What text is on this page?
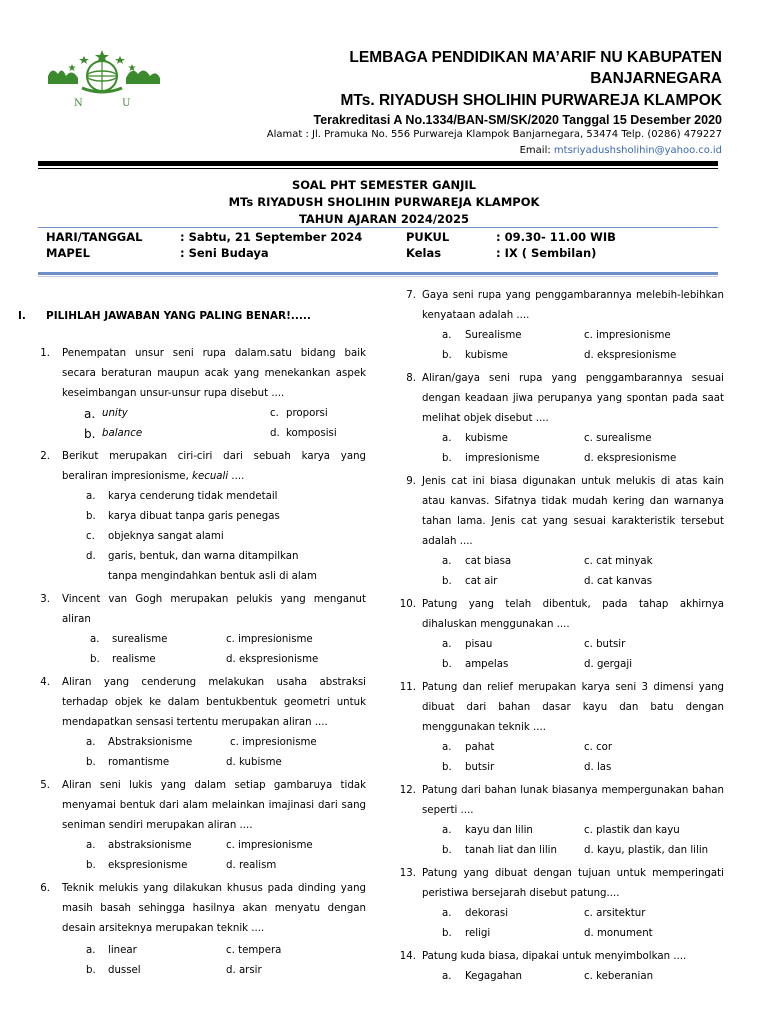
N	U
LEMBAGA PENDIDIKAN MA’ARIF NU KABUPATEN
BANJARNEGARA
MTs. RIYADUSH SHOLIHIN PURWAREJA KLAMPOK
Terakreditasi A No.1334/BAN-SM/SK/2020 Tanggal 15 Desember 2020
Alamat : Jl. Pramuka No. 556 Purwareja Klampok Banjarnegara, 53474 Telp. (0286) 479227
Email: mtsriyadushsholihin@yahoo.co.id
SOAL PHT SEMESTER GANJIL
MTs RIYADUSH SHOLIHIN PURWAREJA KLAMPOK
TAHUN AJARAN 2024/2025
HARI/TANGGAL	: Sabtu, 21 September 2024	PUKUL	: 09.30- 11.00 WIB
MAPEL	: Seni Budaya	Kelas	: IX ( Sembilan)
I. PILIHLAH JAWABAN YANG PALING BENAR!.....
1. Penempatan unsur seni rupa dalam.satu bidang baik secara beraturan maupun acak yang menekankan aspek keseimbangan unsur-unsur rupa disebut ....
a. unity	c. proporsi
b. balance	d. komposisi
2. Berikut merupakan ciri-ciri dari sebuah karya yang beraliran impresionisme, kecuali ....
a. karya cenderung tidak mendetail
b. karya dibuat tanpa garis penegas
c. objeknya sangat alami
d. garis, bentuk, dan warna ditampilkan tanpa mengindahkan bentuk asli di alam
3. Vincent van Gogh merupakan pelukis yang menganut aliran
a. surealisme	c. impresionisme
b. realisme	d. ekspresionisme
4. Aliran yang cenderung melakukan usaha abstraksi terhadap objek ke dalam bentukbentuk geometri untuk mendapatkan sensasi tertentu merupakan aliran ....
a. Abstraksionisme	c. impresionisme
b. romantisme	d. kubisme
5. Aliran seni lukis yang dalam setiap gambaruya tidak menyamai bentuk dari alam melainkan imajinasi dari sang seniman sendiri merupakan aliran ....
a. abstraksionisme	c. impresionisme
b. ekspresionisme	d. realism
6. Teknik melukis yang dilakukan khusus pada dinding yang masih basah sehingga hasilnya akan menyatu dengan desain arsiteknya merupakan teknik ....
a. linear	c. tempera
b. dussel	d. arsir
7. Gaya seni rupa yang penggambarannya melebih-lebihkan kenyataan adalah ....
a. Surealisme	c. impresionisme
b. kubisme	d. ekspresionisme
8. Aliran/gaya seni rupa yang penggambarannya sesuai dengan keadaan jiwa perupanya yang spontan pada saat melihat objek disebut ....
a. kubisme	c. surealisme
b. impresionisme	d. ekspresionisme
9. Jenis cat ini biasa digunakan untuk melukis di atas kain atau kanvas. Sifatnya tidak mudah kering dan warnanya tahan lama. Jenis cat yang sesuai karakteristik tersebut adalah ....
a. cat biasa	c. cat minyak
b. cat air	d. cat kanvas
10. Patung yang telah dibentuk, pada tahap akhirnya dihaluskan menggunakan ....
a. pisau	c. butsir
b. ampelas	d. gergaji
11. Patung dan relief merupakan karya seni 3 dimensi yang dibuat dari bahan dasar kayu dan batu dengan menggunakan teknik ....
a. pahat	c. cor
b. butsir	d. las
12. Patung dari bahan lunak biasanya mempergunakan bahan seperti ....
a. kayu dan lilin	c. plastik dan kayu
b. tanah liat dan lilin	d. kayu, plastik, dan lilin
13. Patung yang dibuat dengan tujuan untuk memperingati peristiwa bersejarah disebut patung....
a. dekorasi	c. arsitektur
b. religi	d. monument
14. Patung kuda biasa, dipakai untuk menyimbolkan ....
a. Kegagahan	c. keberanian
